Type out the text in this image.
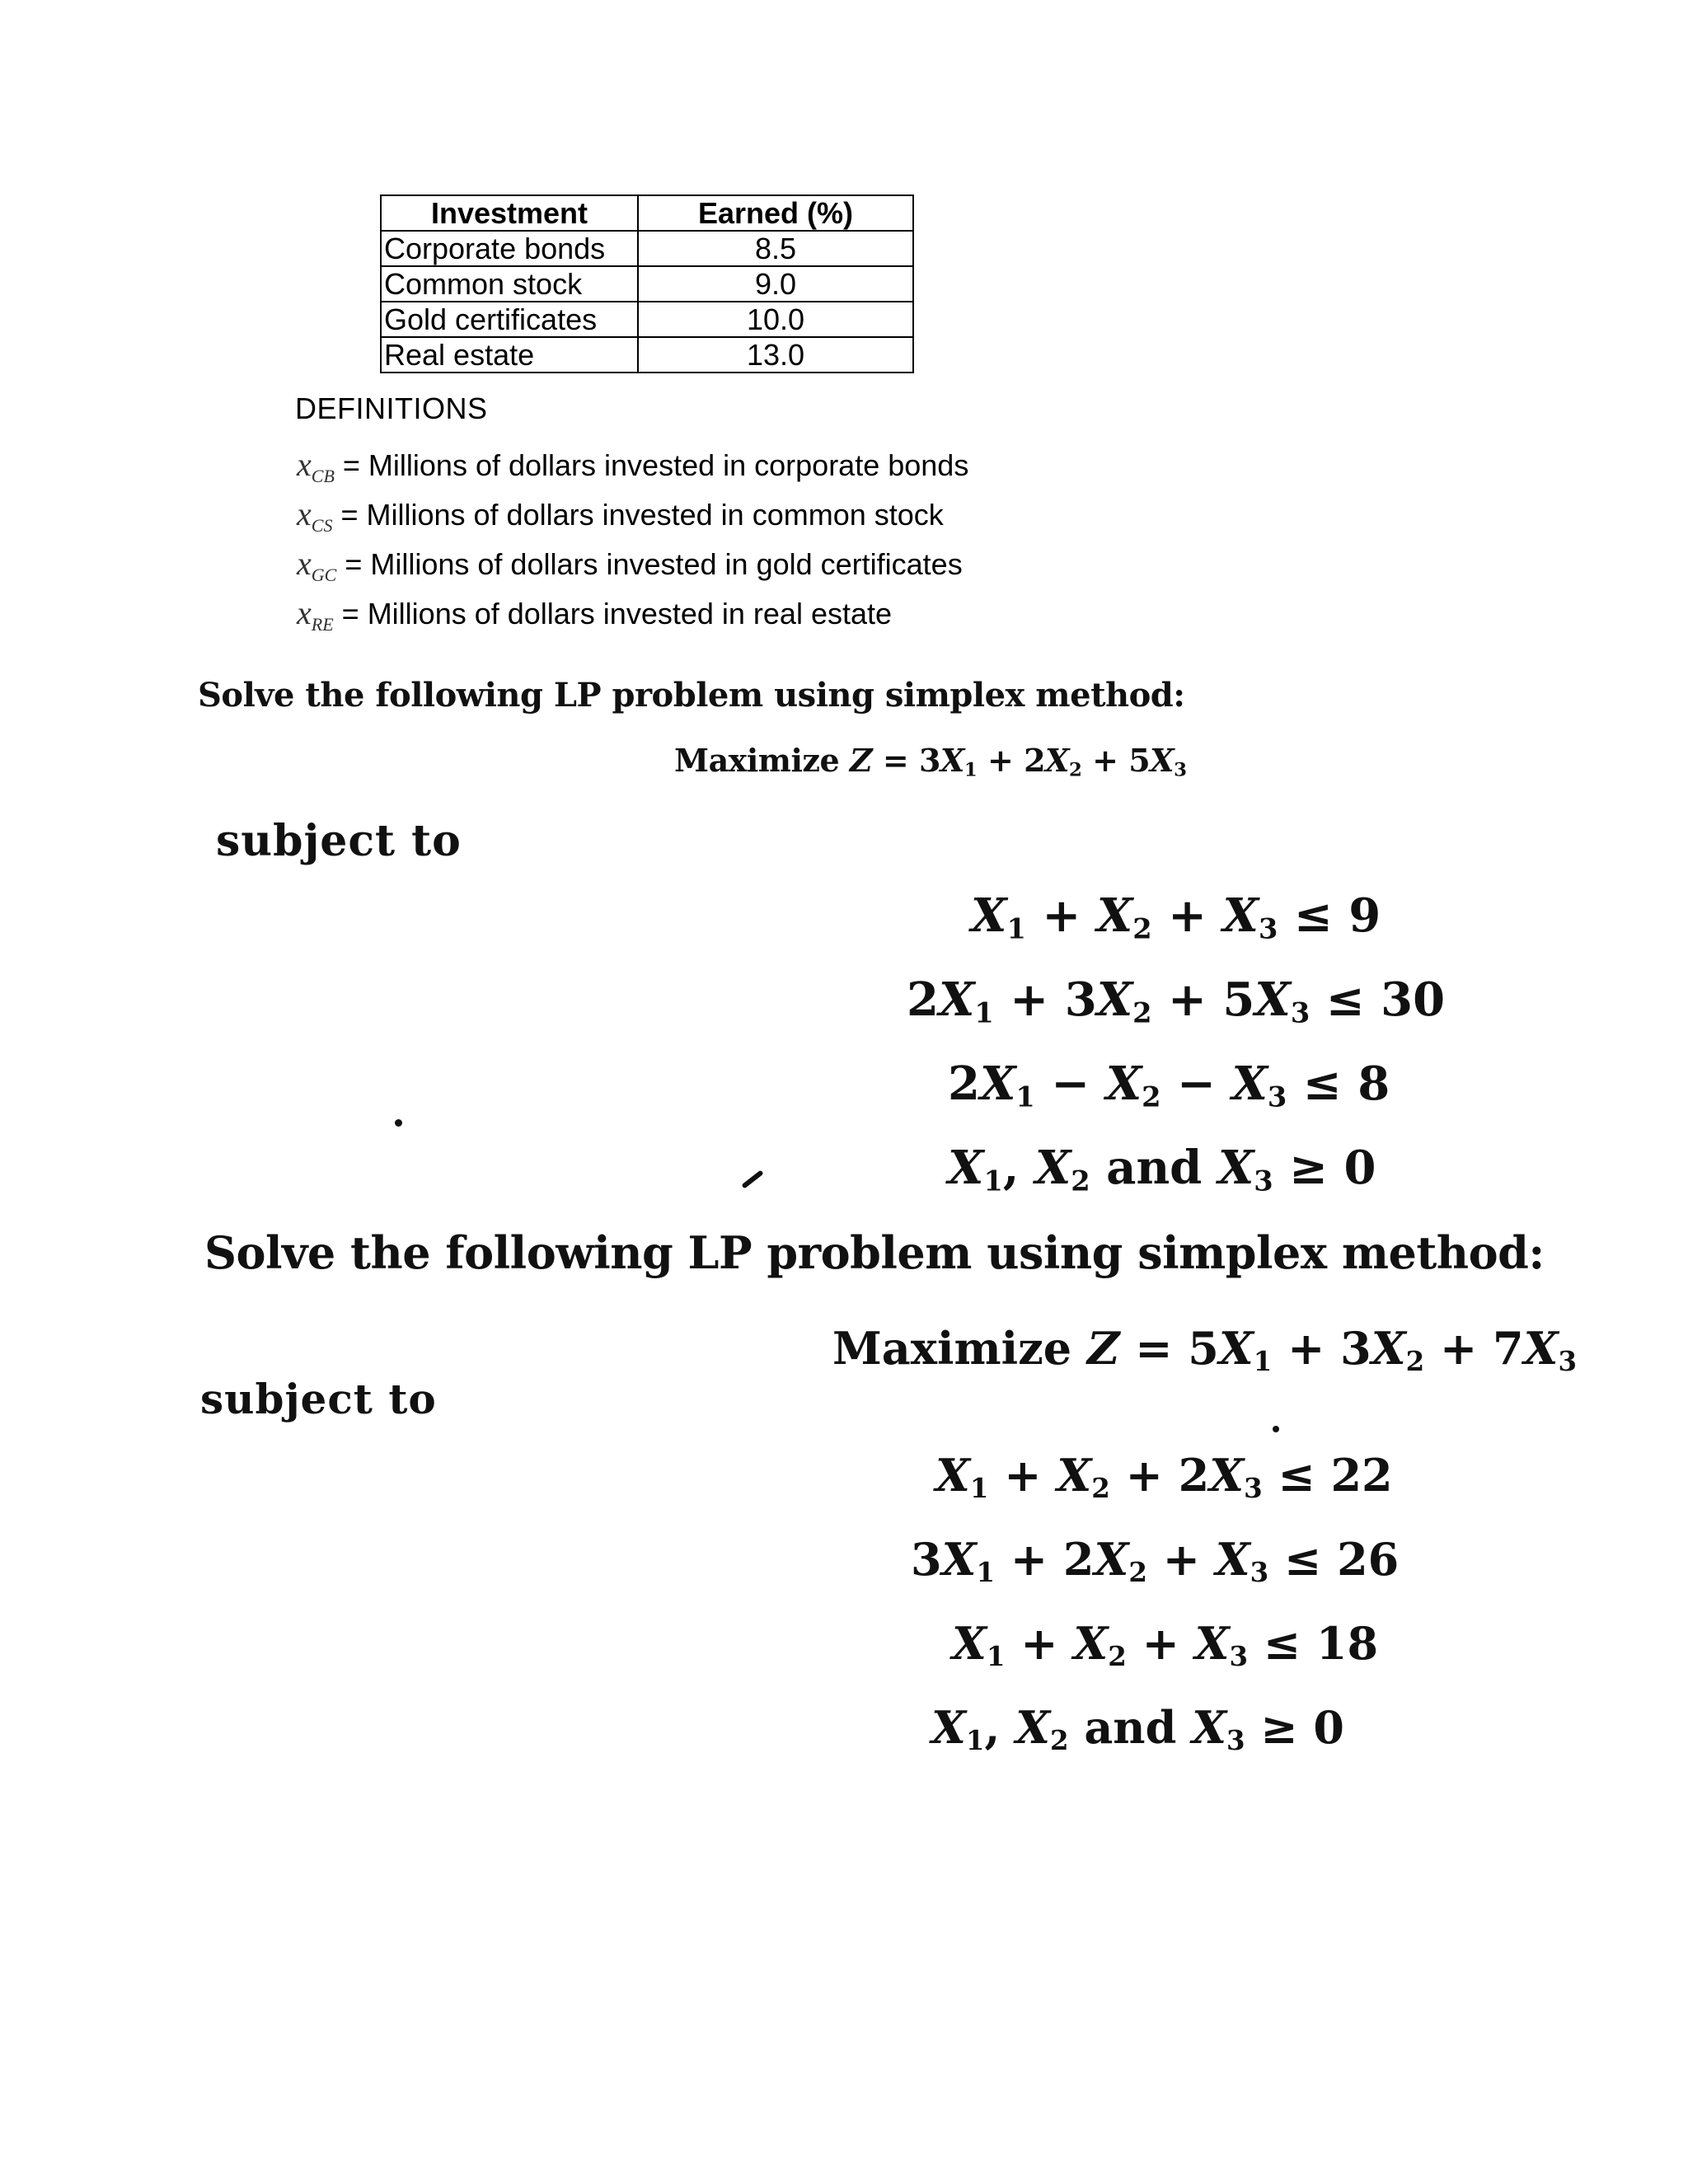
Investment	Earned (%)
Corporate bonds	8.5
Common stock	9.0
Gold certificates	10.0
Real estate	13.0
DEFINITIONS
$x_{CB}$ = Millions of dollars invested in corporate bonds
$x_{CS}$ = Millions of dollars invested in common stock
$x_{GC}$ = Millions of dollars invested in gold certificates
$x_{RE}$ = Millions of dollars invested in real estate
Solve the following LP problem using simplex method:
Maximize $Z = 3X_1 + 2X_2 + 5X_3$
subject to
$X_1 + X_2 + X_3 \le 9$
$2X_1 + 3X_2 + 5X_3 \le 30$
$2X_1 - X_2 - X_3 \le 8$
$X_1$, $X_2$ and $X_3 \ge 0$
Solve the following LP problem using simplex method:
Maximize $Z = 5X_1 + 3X_2 + 7X_3$
subject to
$X_1 + X_2 + 2X_3 \le 22$
$3X_1 + 2X_2 + X_3 \le 26$
$X_1 + X_2 + X_3 \le 18$
$X_1$, $X_2$ and $X_3 \ge 0$
